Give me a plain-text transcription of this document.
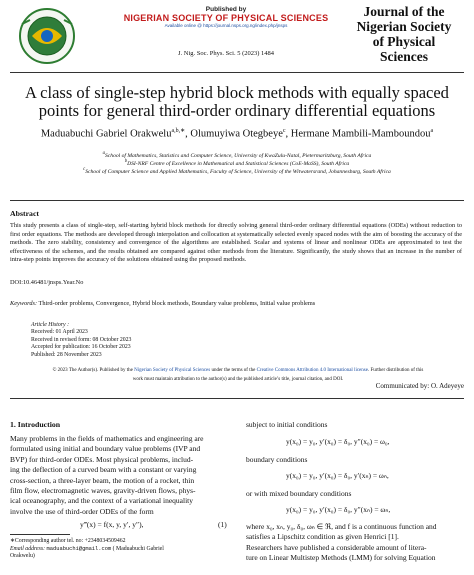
Published by
NIGERIAN SOCIETY OF PHYSICAL SCIENCES
Available online @ https://journal.nsps.org.ng/index.php/jnsps
J. Nig. Soc. Phys. Sci. 5 (2023) 1484
Journal of the
Nigerian Society
of Physical
Sciences
A class of single-step hybrid block methods with equally spaced
points for general third-order ordinary differential equations
Maduabuchi Gabriel Orakwelu$^{a,b,∗}$, Olumuyiwa Otegbeye$^c$, Hermane Mambili-Mamboundou$^a$
$^a$School of Mathematics, Statistics and Computer Science, University of KwaZulu-Natal, Pietermaritzburg, South Africa
$^b$DSI-NRF Centre of Excellence in Mathematical and Statistical Sciences (CoE-MaSS), South Africa
$^c$School of Computer Science and Applied Mathematics, Faculty of Science, University of the Witwatersrand, Johannesburg, South Africa
Abstract
This study presents a class of single-step, self-starting hybrid block methods for directly solving general third-order ordinary differential equations (ODEs) without reduction to first order equations. The methods are developed through interpolation and collocation at systematically selected evenly spaced nodes with the aim of boosting the accuracy of the methods. The zero stability, consistency and convergence of the algorithms are established. Scalar and systems of linear and nonlinear ODEs are approximated to test the effectiveness of the schemes, and the results obtained are compared against other methods from the literature. Significantly, the study shows that an increase in the number of intra-step points improves the accuracy of the solutions obtained using the proposed methods.
DOI:10.46481/jnsps.Year.No
Keywords: Third-order problems, Convergence, Hybrid block methods, Boundary value problems, Initial value problems
Article History :
Received: 01 April 2023
Received in revised form: 08 October 2023
Accepted for publication: 16 October 2023
Published: 28 November 2023
© 2023 The Author(s). Published by the Nigerian Society of Physical Sciences under the terms of the Creative Commons Attribution 4.0 International license. Further distribution of this
work must maintain attribution to the author(s) and the published article’s title, journal citation, and DOI.
Communicated by: O. Adeyeye
1. Introduction
Many problems in the fields of mathematics and engineering are
formulated using initial and boundary value problems (IVP and
BVP) for third-order ODEs. Most physical problems, includ-
ing the deflection of a curved beam with a constant or varying
cross-section, a three-layer beam, the motion of a rocket, thin
film flow, electromagnetic waves, gravity-driven flows, phys-
ical oceanography, and the context of a variational inequality
involve the use of third-order ODEs of the form
y‴(x) = f(x, y, y′, y″),	(1)
∗Corresponding author tel. no: +2348034509462
Email address: maduabuchi@gmail.com ( Maduabuchi Gabriel
Orakwelu)
subject to initial conditions
y(x₀) = y₀, y′(x₀) = δ₀, y″(x₀) = ω₀,
boundary conditions
y(x₀) = y₀, y′(x₀) = δ₀, y′(xₙ) = ωₙ,
or with mixed boundary conditions
y(x₀) = y₀, y′(x₀) = δ₀, y″(xₙ) = ωₙ,
where x₀, xₙ, y₀, δ₀, ωₙ ∈ ℜ, and f is a continuous function and
satisfies a Lipschitz condition as given Henrici [1].
Researchers have published a considerable amount of litera-
ture on Linear Multistep Methods (LMM) for solving Equation
